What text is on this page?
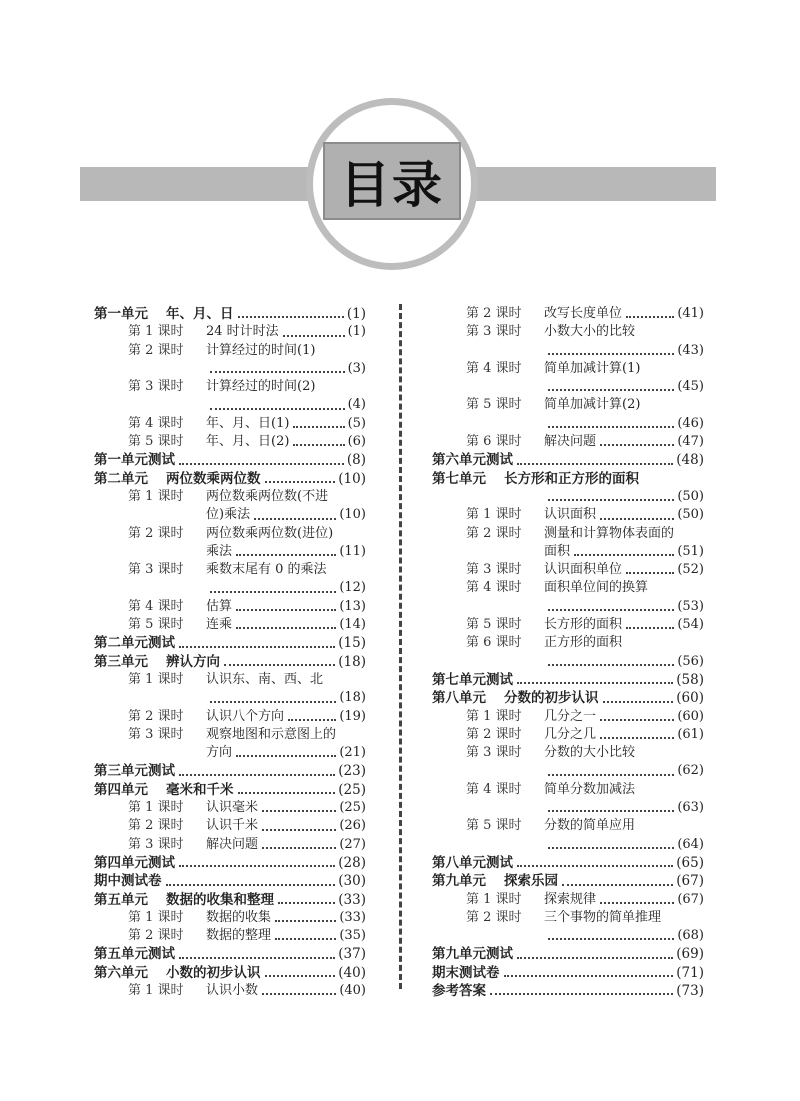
目录
第一单元	年、月、日	(1)
第 1 课时	24 时计时法	(1)
第 2 课时	计算经过的时间(1)
(3)
第 3 课时	计算经过的时间(2)
(4)
第 4 课时	年、月、日(1)	(5)
第 5 课时	年、月、日(2)	(6)
第一单元测试	(8)
第二单元	两位数乘两位数	(10)
第 1 课时	两位数乘两位数(不进
位)乘法	(10)
第 2 课时	两位数乘两位数(进位)
乘法	(11)
第 3 课时	乘数末尾有 0 的乘法
(12)
第 4 课时	估算	(13)
第 5 课时	连乘	(14)
第二单元测试	(15)
第三单元	辨认方向	(18)
第 1 课时	认识东、南、西、北
(18)
第 2 课时	认识八个方向	(19)
第 3 课时	观察地图和示意图上的
方向	(21)
第三单元测试	(23)
第四单元	毫米和千米	(25)
第 1 课时	认识毫米	(25)
第 2 课时	认识千米	(26)
第 3 课时	解决问题	(27)
第四单元测试	(28)
期中测试卷	(30)
第五单元	数据的收集和整理	(33)
第 1 课时	数据的收集	(33)
第 2 课时	数据的整理	(35)
第五单元测试	(37)
第六单元	小数的初步认识	(40)
第 1 课时	认识小数	(40)
第 2 课时	改写长度单位	(41)
第 3 课时	小数大小的比较
(43)
第 4 课时	简单加减计算(1)
(45)
第 5 课时	简单加减计算(2)
(46)
第 6 课时	解决问题	(47)
第六单元测试	(48)
第七单元	长方形和正方形的面积
(50)
第 1 课时	认识面积	(50)
第 2 课时	测量和计算物体表面的
面积	(51)
第 3 课时	认识面积单位	(52)
第 4 课时	面积单位间的换算
(53)
第 5 课时	长方形的面积	(54)
第 6 课时	正方形的面积
(56)
第七单元测试	(58)
第八单元	分数的初步认识	(60)
第 1 课时	几分之一	(60)
第 2 课时	几分之几	(61)
第 3 课时	分数的大小比较
(62)
第 4 课时	简单分数加减法
(63)
第 5 课时	分数的简单应用
(64)
第八单元测试	(65)
第九单元	探索乐园	(67)
第 1 课时	探索规律	(67)
第 2 课时	三个事物的简单推理
(68)
第九单元测试	(69)
期末测试卷	(71)
参考答案	(73)
